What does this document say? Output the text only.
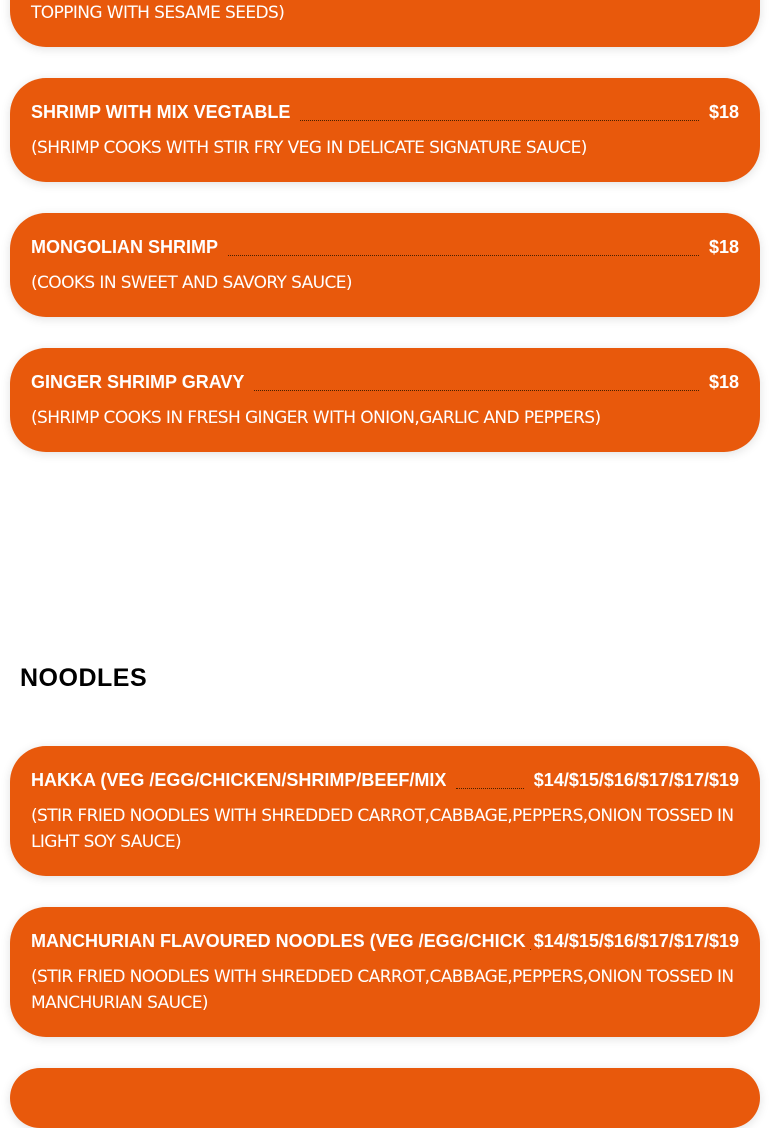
TOPPING WITH SESAME SEEDS)
SHRIMP WITH MIX VEGTABLE	$18
(SHRIMP COOKS WITH STIR FRY VEG IN DELICATE SIGNATURE SAUCE)
MONGOLIAN SHRIMP	$18
(COOKS IN SWEET AND SAVORY SAUCE)
GINGER SHRIMP GRAVY	$18
(SHRIMP COOKS IN FRESH GINGER WITH ONION,GARLIC AND PEPPERS)
NOODLES
HAKKA (VEG /EGG/CHICKEN/SHRIMP/BEEF/MIX	$14/$15/$16/$17/$17/$19
(STIR FRIED NOODLES WITH SHREDDED CARROT,CABBAGE,PEPPERS,ONION TOSSED IN LIGHT SOY SAUCE)
MANCHURIAN FLAVOURED NOODLES (VEG /EGG/CHICK $14/$15/$16/$17/$17/$19
(STIR FRIED NOODLES WITH SHREDDED CARROT,CABBAGE,PEPPERS,ONION TOSSED IN MANCHURIAN SAUCE)
